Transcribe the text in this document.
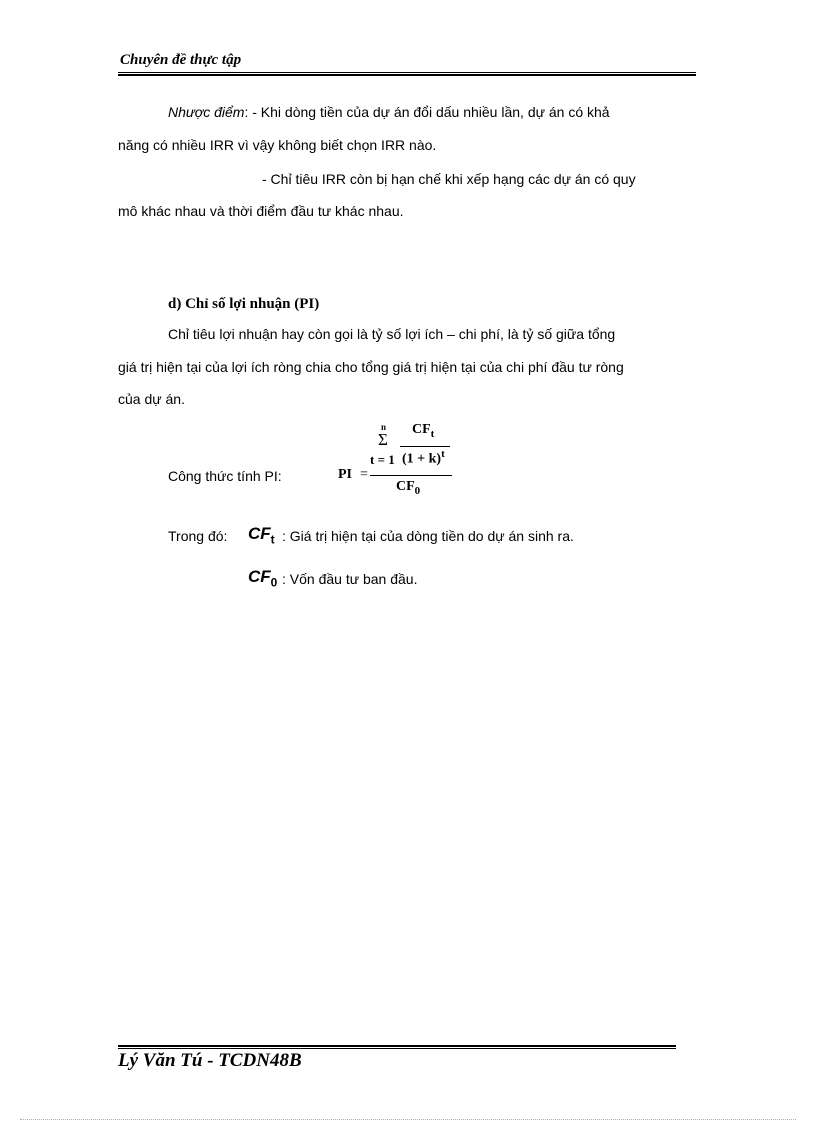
Chuyên đề thực tập
Nhược điểm: - Khi dòng tiền của dự án đổi dấu nhiều lần, dự án có khả
năng có nhiều IRR vì vậy không biết chọn IRR nào.
- Chỉ tiêu IRR còn bị hạn chế khi xếp hạng các dự án có quy
mô khác nhau và thời điểm đầu tư khác nhau.
d) Chỉ số lợi nhuận (PI)
Chỉ tiêu lợi nhuận hay còn gọi là tỷ số lợi ích – chi phí, là tỷ số giữa tổng
giá trị hiện tại của lợi ích ròng chia cho tổng giá trị hiện tại của chi phí đầu tư ròng
của dự án.
Công thức tính PI:	PI =
n
Σ
t = 1
$CF_t$
$(1 + k)^t$
$CF_0$
Trong đó: $CF_t$ : Giá trị hiện tại của dòng tiền do dự án sinh ra.
$CF_0$ : Vốn đầu tư ban đầu.
Lý Văn Tú - TCDN48B
